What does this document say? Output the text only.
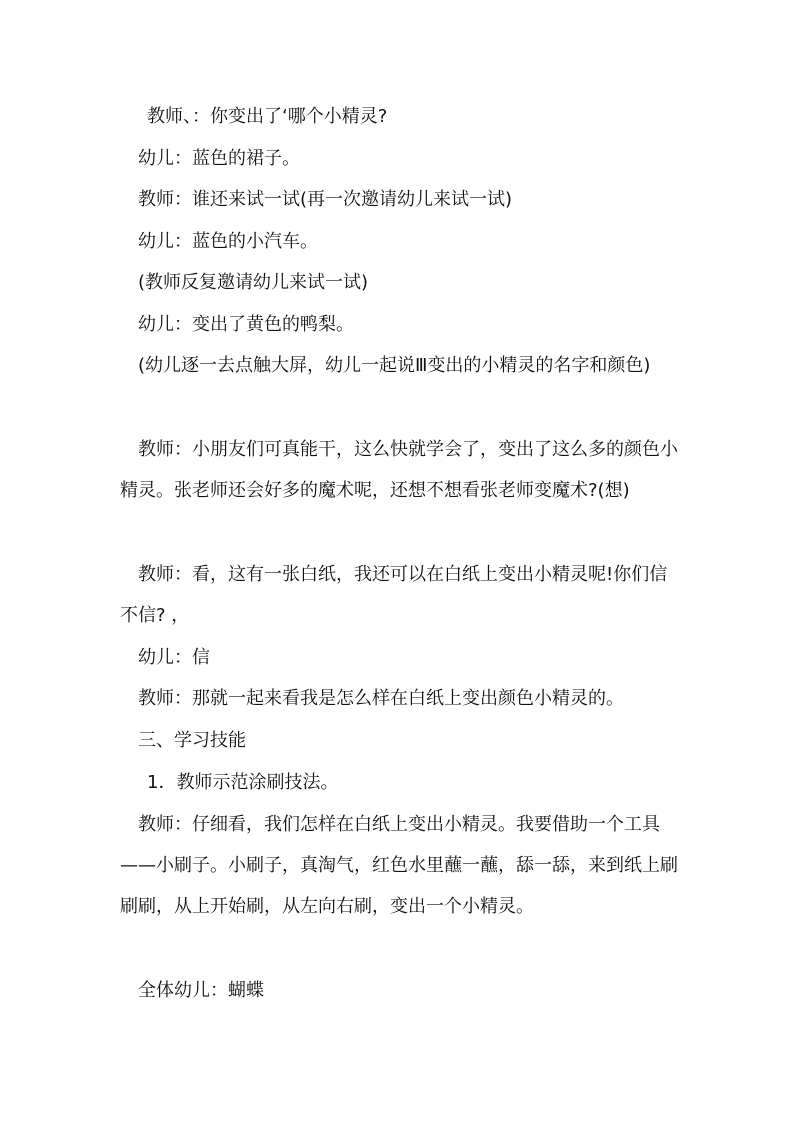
教师、：你变出了‘哪个小精灵?
幼儿：蓝色的裙子。
教师：谁还来试一试(再一次邀请幼儿来试一试)
幼儿：蓝色的小汽车。
(教师反复邀请幼儿来试一试)
幼儿：变出了黄色的鸭梨。
(幼儿逐一去点触大屏，幼儿一起说Ⅲ变出的小精灵的名字和颜色)
教师：小朋友们可真能干，这么快就学会了，变出了这么多的颜色小精灵。张老师还会好多的魔术呢，还想不想看张老师变魔术?(想)
教师：看，这有一张白纸，我还可以在白纸上变出小精灵呢!你们信不信? ，
幼儿：信
教师：那就一起来看我是怎么样在白纸上变出颜色小精灵的。
三、学习技能
1．教师示范涂刷技法。
教师：仔细看，我们怎样在白纸上变出小精灵。我要借助一个工具——小刷子。小刷子，真淘气，红色水里蘸一蘸，舔一舔，来到纸上刷刷刷，从上开始刷，从左向右刷，变出一个小精灵。
全体幼儿：蝴蝶
